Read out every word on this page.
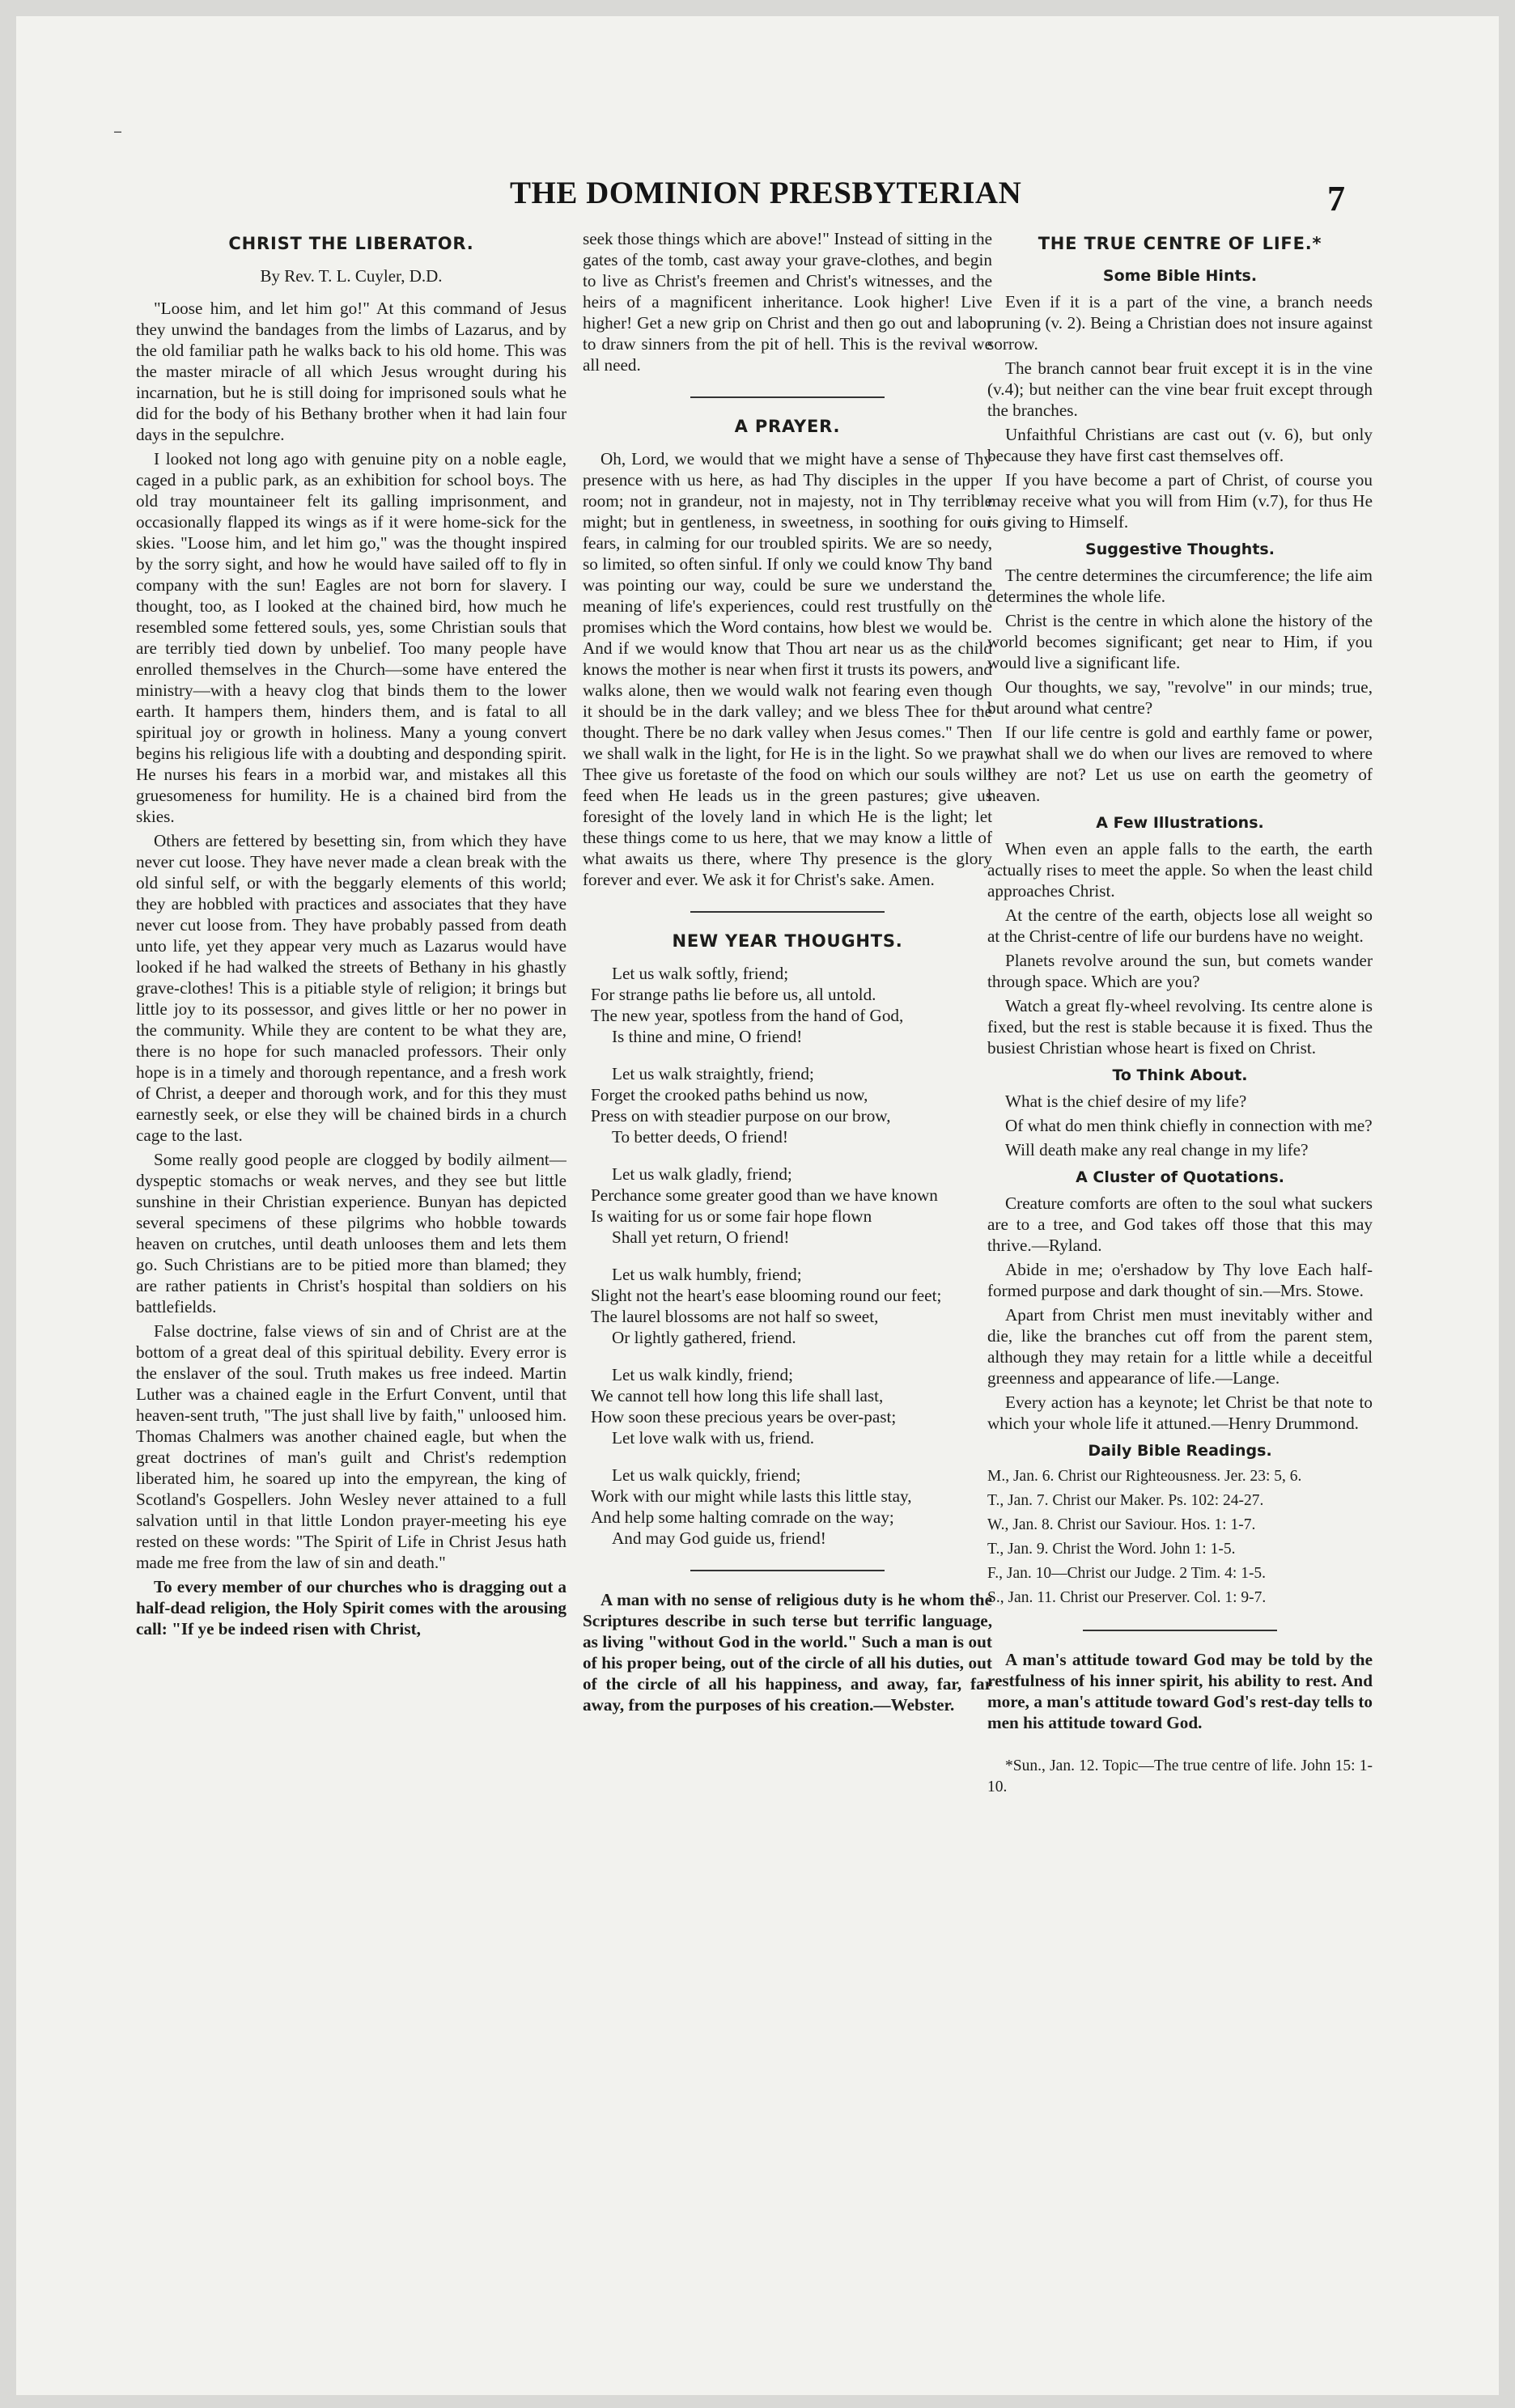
–
THE DOMINION PRESBYTERIAN	7
CHRIST THE LIBERATOR.
By Rev. T. L. Cuyler, D.D.

"Loose him, and let him go!" At this command of Jesus they unwind the bandages from the limbs of Lazarus, and by the old familiar path he walks back to his old home. This was the master miracle of all which Jesus wrought during his incarnation, but he is still doing for imprisoned souls what he did for the body of his Bethany brother when it had lain four days in the sepulchre.

I looked not long ago with genuine pity on a noble eagle, caged in a public park, as an exhibition for school boys. The old tray mountaineer felt its galling imprisonment, and occasionally flapped its wings as if it were home-sick for the skies. "Loose him, and let him go," was the thought inspired by the sorry sight, and how he would have sailed off to fly in company with the sun! Eagles are not born for slavery. I thought, too, as I looked at the chained bird, how much he resembled some fettered souls, yes, some Christian souls that are terribly tied down by unbelief. Too many people have enrolled themselves in the Church—some have entered the ministry—with a heavy clog that binds them to the lower earth. It hampers them, hinders them, and is fatal to all spiritual joy or growth in holiness. Many a young convert begins his religious life with a doubting and desponding spirit. He nurses his fears in a morbid war, and mistakes all this gruesomeness for humility. He is a chained bird from the skies.

Others are fettered by besetting sin, from which they have never cut loose. They have never made a clean break with the old sinful self, or with the beggarly elements of this world; they are hobbled with practices and associates that they have never cut loose from. They have probably passed from death unto life, yet they appear very much as Lazarus would have looked if he had walked the streets of Bethany in his ghastly grave-clothes! This is a pitiable style of religion; it brings but little joy to its possessor, and gives little or her no power in the community. While they are content to be what they are, there is no hope for such manacled professors. Their only hope is in a timely and thorough repentance, and a fresh work of Christ, a deeper and thorough work, and for this they must earnestly seek, or else they will be chained birds in a church cage to the last.

Some really good people are clogged by bodily ailment—dyspeptic stomachs or weak nerves, and they see but little sunshine in their Christian experience. Bunyan has depicted several specimens of these pilgrims who hobble towards heaven on crutches, until death unlooses them and lets them go. Such Christians are to be pitied more than blamed; they are rather patients in Christ's hospital than soldiers on his battlefields.

False doctrine, false views of sin and of Christ are at the bottom of a great deal of this spiritual debility. Every error is the enslaver of the soul. Truth makes us free indeed. Martin Luther was a chained eagle in the Erfurt Convent, until that heaven-sent truth, "The just shall live by faith," unloosed him. Thomas Chalmers was another chained eagle, but when the great doctrines of man's guilt and Christ's redemption liberated him, he soared up into the empyrean, the king of Scotland's Gospellers. John Wesley never attained to a full salvation until in that little London prayer-meeting his eye rested on these words: "The Spirit of Life in Christ Jesus hath made me free from the law of sin and death."

To every member of our churches who is dragging out a half-dead religion, the Holy Spirit comes with the arousing call: "If ye be indeed risen with Christ,

seek those things which are above!" Instead of sitting in the gates of the tomb, cast away your grave-clothes, and begin to live as Christ's freemen and Christ's witnesses, and the heirs of a magnificent inheritance. Look higher! Live higher! Get a new grip on Christ and then go out and labor to draw sinners from the pit of hell. This is the revival we all need.

A PRAYER.

Oh, Lord, we would that we might have a sense of Thy presence with us here, as had Thy disciples in the upper room; not in grandeur, not in majesty, not in Thy terrible might; but in gentleness, in sweetness, in soothing for our fears, in calming for our troubled spirits. We are so needy, so limited, so often sinful. If only we could know Thy band was pointing our way, could be sure we understand the meaning of life's experiences, could rest trustfully on the promises which the Word contains, how blest we would be. And if we would know that Thou art near us as the child knows the mother is near when first it trusts its powers, and walks alone, then we would walk not fearing even though it should be in the dark valley; and we bless Thee for the thought. There be no dark valley when Jesus comes." Then we shall walk in the light, for He is in the light. So we pray Thee give us foretaste of the food on which our souls will feed when He leads us in the green pastures; give us foresight of the lovely land in which He is the light; let these things come to us here, that we may know a little of what awaits us there, where Thy presence is the glory forever and ever. We ask it for Christ's sake. Amen.

NEW YEAR THOUGHTS.
Let us walk softly, friend;
For strange paths lie before us, all untold.
The new year, spotless from the hand of God,
Is thine and mine, O friend!
Let us walk straightly, friend;
Forget the crooked paths behind us now,
Press on with steadier purpose on our brow,
To better deeds, O friend!
Let us walk gladly, friend;
Perchance some greater good than we have known
Is waiting for us or some fair hope flown
Shall yet return, O friend!
Let us walk humbly, friend;
Slight not the heart's ease blooming round our feet;
The laurel blossoms are not half so sweet,
Or lightly gathered, friend.
Let us walk kindly, friend;
We cannot tell how long this life shall last,
How soon these precious years be over-past;
Let love walk with us, friend.
Let us walk quickly, friend;
Work with our might while lasts this little stay,
And help some halting comrade on the way;
And may God guide us, friend!

A man with no sense of religious duty is he whom the Scriptures describe in such terse but terrific language, as living "without God in the world." Such a man is out of his proper being, out of the circle of all his duties, out of the circle of all his happiness, and away, far, far away, from the purposes of his creation.—Webster.

THE TRUE CENTRE OF LIFE.*
Some Bible Hints.

Even if it is a part of the vine, a branch needs pruning (v. 2). Being a Christian does not insure against sorrow.

The branch cannot bear fruit except it is in the vine (v.4); but neither can the vine bear fruit except through the branches.

Unfaithful Christians are cast out (v. 6), but only because they have first cast themselves off.

If you have become a part of Christ, of course you may receive what you will from Him (v.7), for thus He is giving to Himself.

Suggestive Thoughts.

The centre determines the circumference; the life aim determines the whole life.

Christ is the centre in which alone the history of the world becomes significant; get near to Him, if you would live a significant life.

Our thoughts, we say, "revolve" in our minds; true, but around what centre?

If our life centre is gold and earthly fame or power, what shall we do when our lives are removed to where they are not? Let us use on earth the geometry of heaven.

A Few Illustrations.

When even an apple falls to the earth, the earth actually rises to meet the apple. So when the least child approaches Christ.

At the centre of the earth, objects lose all weight so at the Christ-centre of life our burdens have no weight.

Planets revolve around the sun, but comets wander through space. Which are you?

Watch a great fly-wheel revolving. Its centre alone is fixed, but the rest is stable because it is fixed. Thus the busiest Christian whose heart is fixed on Christ.

To Think About.

What is the chief desire of my life?

Of what do men think chiefly in connection with me?

Will death make any real change in my life?

A Cluster of Quotations.

Creature comforts are often to the soul what suckers are to a tree, and God takes off those that this may thrive.—Ryland.

Abide in me; o'ershadow by Thy love Each half-formed purpose and dark thought of sin.—Mrs. Stowe.

Apart from Christ men must inevitably wither and die, like the branches cut off from the parent stem, although they may retain for a little while a deceitful greenness and appearance of life.—Lange.

Every action has a keynote; let Christ be that note to which your whole life it attuned.—Henry Drummond.

Daily Bible Readings.
M., Jan. 6. Christ our Righteousness. Jer. 23: 5, 6.
T., Jan. 7. Christ our Maker. Ps. 102: 24-27.
W., Jan. 8. Christ our Saviour. Hos. 1: 1-7.
T., Jan. 9. Christ the Word. John 1: 1-5.
F., Jan. 10—Christ our Judge. 2 Tim. 4: 1-5.
S., Jan. 11. Christ our Preserver. Col. 1: 9-7.

A man's attitude toward God may be told by the restfulness of his inner spirit, his ability to rest. And more, a man's attitude toward God's rest-day tells to men his attitude toward God.

*Sun., Jan. 12. Topic—The true centre of life. John 15: 1-10.
